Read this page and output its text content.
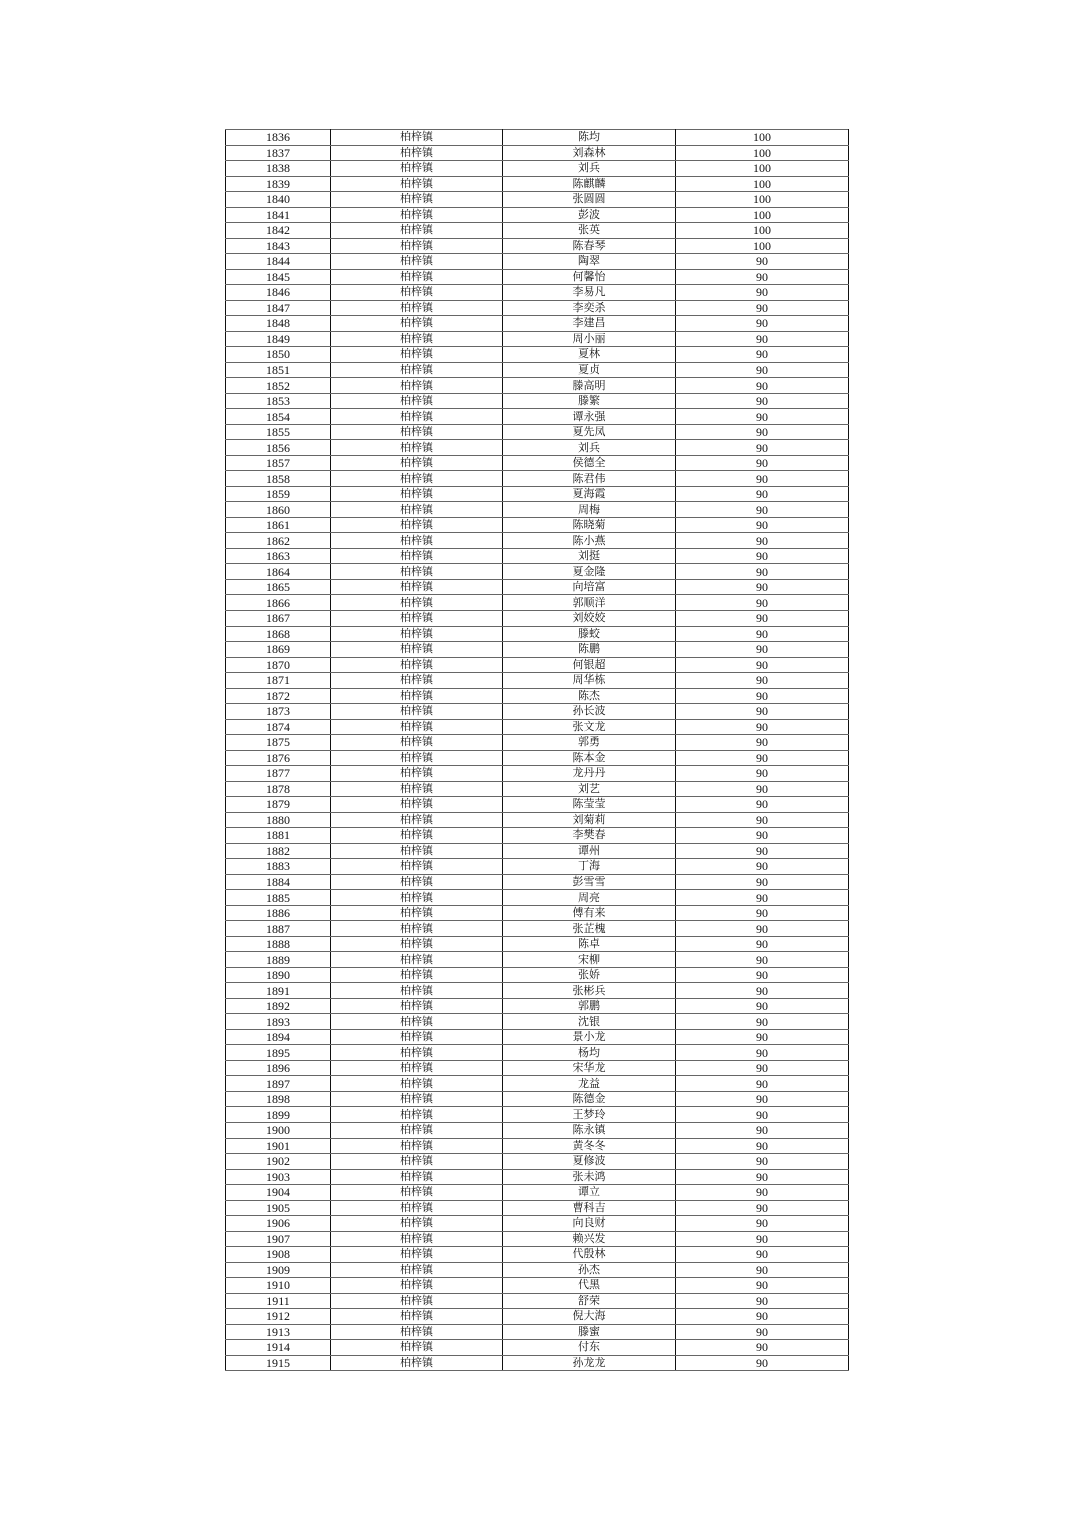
1836	柏梓镇	陈均	100
1837	柏梓镇	刘森林	100
1838	柏梓镇	刘兵	100
1839	柏梓镇	陈麒麟	100
1840	柏梓镇	张圆圆	100
1841	柏梓镇	彭波	100
1842	柏梓镇	张英	100
1843	柏梓镇	陈春琴	100
1844	柏梓镇	陶翠	90
1845	柏梓镇	何馨怡	90
1846	柏梓镇	李易凡	90
1847	柏梓镇	李奕杀	90
1848	柏梓镇	李建昌	90
1849	柏梓镇	周小丽	90
1850	柏梓镇	夏林	90
1851	柏梓镇	夏贞	90
1852	柏梓镇	滕高明	90
1853	柏梓镇	滕繁	90
1854	柏梓镇	谭永强	90
1855	柏梓镇	夏先凤	90
1856	柏梓镇	刘兵	90
1857	柏梓镇	侯德全	90
1858	柏梓镇	陈君伟	90
1859	柏梓镇	夏海霞	90
1860	柏梓镇	周梅	90
1861	柏梓镇	陈晓菊	90
1862	柏梓镇	陈小燕	90
1863	柏梓镇	刘挺	90
1864	柏梓镇	夏金隆	90
1865	柏梓镇	向培富	90
1866	柏梓镇	郭顺洋	90
1867	柏梓镇	刘姣姣	90
1868	柏梓镇	滕蛟	90
1869	柏梓镇	陈鹏	90
1870	柏梓镇	何银超	90
1871	柏梓镇	周华栋	90
1872	柏梓镇	陈杰	90
1873	柏梓镇	孙长波	90
1874	柏梓镇	张文龙	90
1875	柏梓镇	郭勇	90
1876	柏梓镇	陈本金	90
1877	柏梓镇	龙丹丹	90
1878	柏梓镇	刘艺	90
1879	柏梓镇	陈莹莹	90
1880	柏梓镇	刘菊莉	90
1881	柏梓镇	李樊春	90
1882	柏梓镇	谭州	90
1883	柏梓镇	丁海	90
1884	柏梓镇	彭雪雪	90
1885	柏梓镇	周亮	90
1886	柏梓镇	傅有来	90
1887	柏梓镇	张芷槐	90
1888	柏梓镇	陈卓	90
1889	柏梓镇	宋柳	90
1890	柏梓镇	张娇	90
1891	柏梓镇	张彬兵	90
1892	柏梓镇	郭鹏	90
1893	柏梓镇	沈银	90
1894	柏梓镇	景小龙	90
1895	柏梓镇	杨均	90
1896	柏梓镇	宋华龙	90
1897	柏梓镇	龙益	90
1898	柏梓镇	陈德金	90
1899	柏梓镇	王梦玲	90
1900	柏梓镇	陈永镇	90
1901	柏梓镇	黄冬冬	90
1902	柏梓镇	夏修波	90
1903	柏梓镇	张未鸿	90
1904	柏梓镇	谭立	90
1905	柏梓镇	曹科吉	90
1906	柏梓镇	向良财	90
1907	柏梓镇	赖兴发	90
1908	柏梓镇	代殷林	90
1909	柏梓镇	孙杰	90
1910	柏梓镇	代黑	90
1911	柏梓镇	舒荣	90
1912	柏梓镇	倪大海	90
1913	柏梓镇	滕蜜	90
1914	柏梓镇	付东	90
1915	柏梓镇	孙龙龙	90
